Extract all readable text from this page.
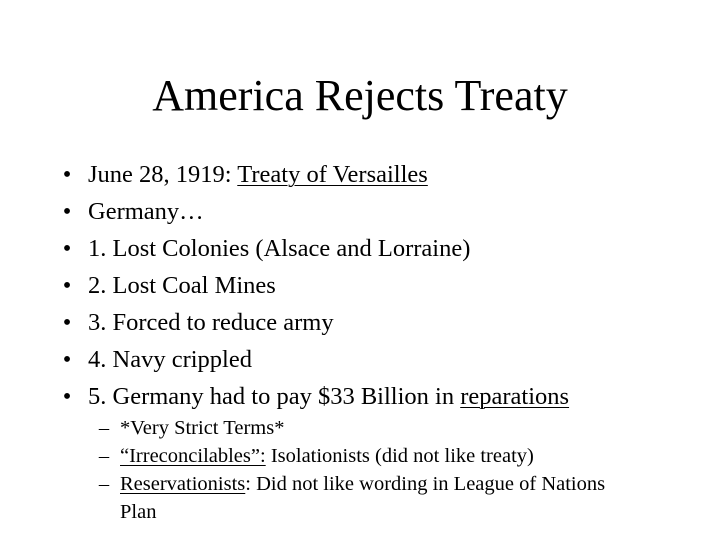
America Rejects Treaty
• June 28, 1919: Treaty of Versailles
• Germany…
• 1. Lost Colonies (Alsace and Lorraine)
• 2. Lost Coal Mines
• 3. Forced to reduce army
• 4. Navy crippled
• 5. Germany had to pay $33 Billion in reparations
– *Very Strict Terms*
– “Irreconcilables”: Isolationists (did not like treaty)
– Reservationists: Did not like wording in League of Nations Plan
